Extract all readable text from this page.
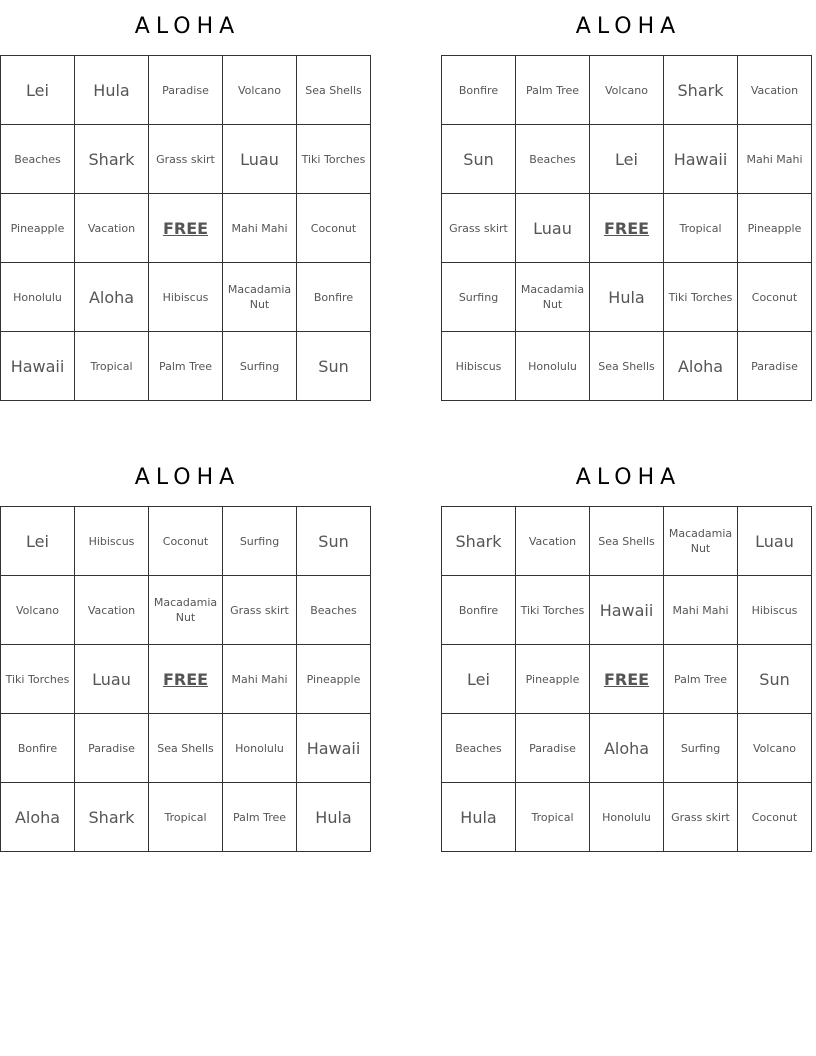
ALOHA
Lei	Hula	Paradise	Volcano	Sea Shells
Beaches	Shark	Grass skirt	Luau	Tiki Torches
Pineapple	Vacation	FREE	Mahi Mahi	Coconut
Honolulu	Aloha	Hibiscus	Macadamia Nut	Bonfire
Hawaii	Tropical	Palm Tree	Surfing	Sun
ALOHA
Bonfire	Palm Tree	Volcano	Shark	Vacation
Sun	Beaches	Lei	Hawaii	Mahi Mahi
Grass skirt	Luau	FREE	Tropical	Pineapple
Surfing	Macadamia Nut	Hula	Tiki Torches	Coconut
Hibiscus	Honolulu	Sea Shells	Aloha	Paradise
ALOHA
Lei	Hibiscus	Coconut	Surfing	Sun
Volcano	Vacation	Macadamia Nut	Grass skirt	Beaches
Tiki Torches	Luau	FREE	Mahi Mahi	Pineapple
Bonfire	Paradise	Sea Shells	Honolulu	Hawaii
Aloha	Shark	Tropical	Palm Tree	Hula
ALOHA
Shark	Vacation	Sea Shells	Macadamia Nut	Luau
Bonfire	Tiki Torches	Hawaii	Mahi Mahi	Hibiscus
Lei	Pineapple	FREE	Palm Tree	Sun
Beaches	Paradise	Aloha	Surfing	Volcano
Hula	Tropical	Honolulu	Grass skirt	Coconut
